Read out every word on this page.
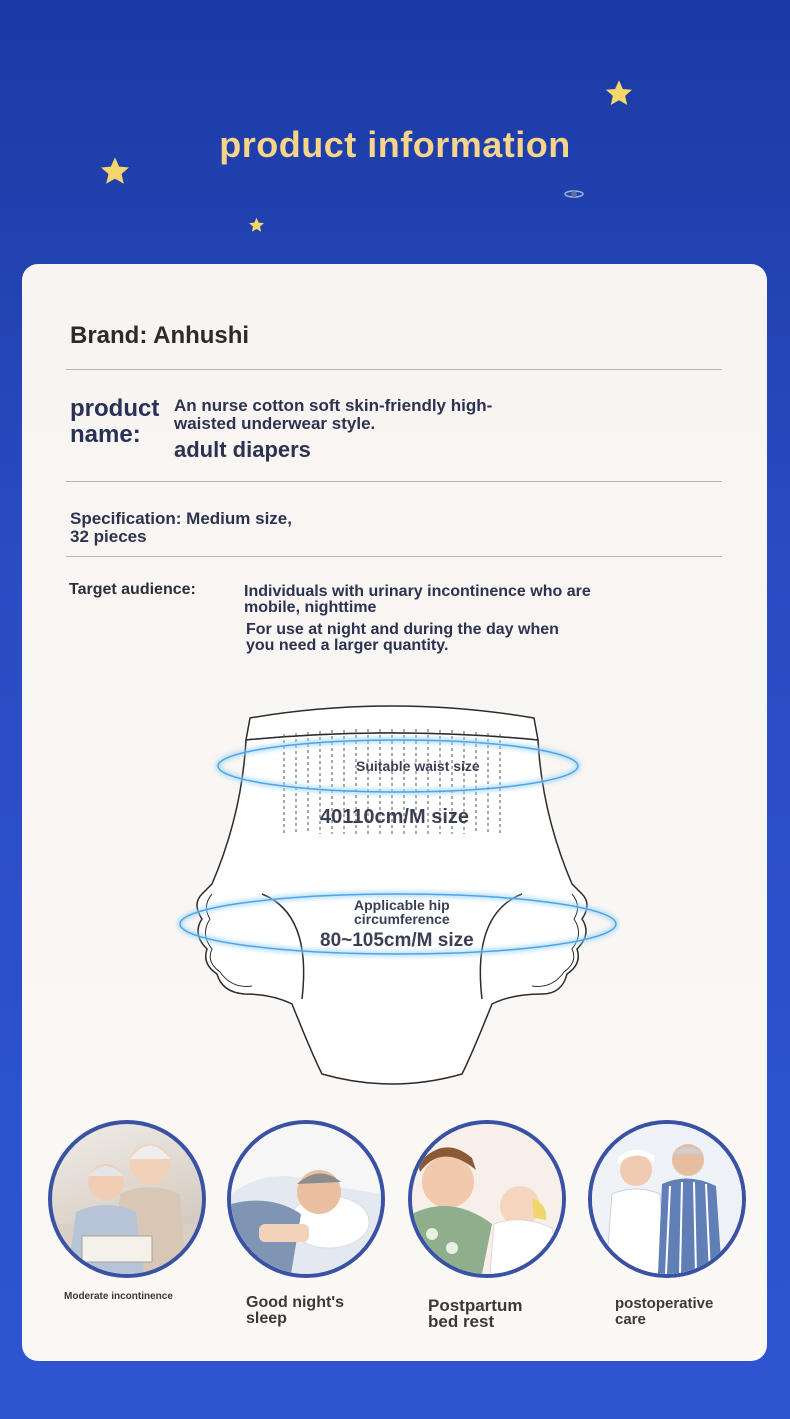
product information
Brand: Anhushi
product name:
An nurse cotton soft skin-friendly high-waisted underwear style.
adult diapers
Specification: Medium size, 32 pieces
Target audience:	Individuals with urinary incontinence who are mobile, nighttime
For use at night and during the day when you need a larger quantity.
Suitable waist size
40110cm/M size
Applicable hip circumference
80~105cm/M size
Moderate incontinence	Good night's sleep
Postpartum bed rest
postoperative care
